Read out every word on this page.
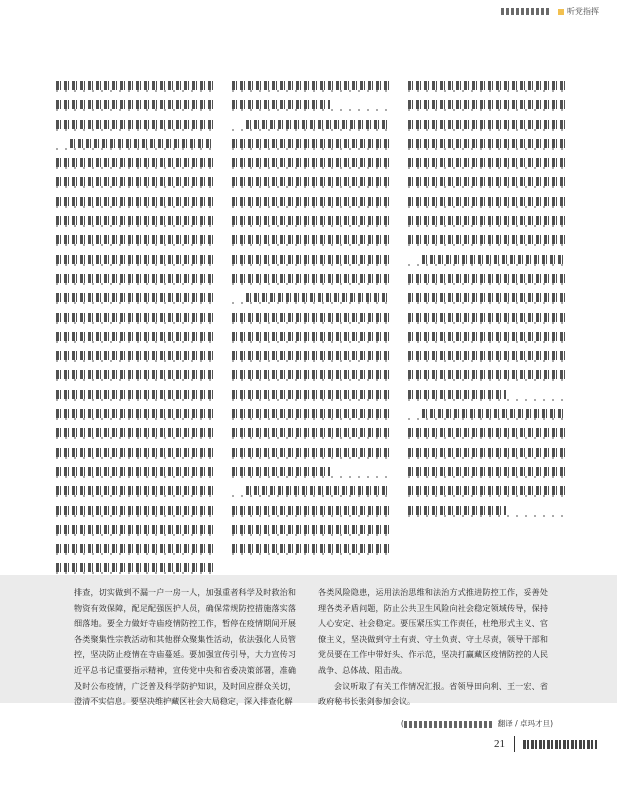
听党指挥

排查，切实做到不漏一户一房一人，加强重者科学及时救治和物资有效保障，配足配强医护人员，确保常规防控措施落实落细落地。要全力做好寺庙疫情防控工作，暂停在疫情期间开展各类聚集性宗教活动和其他群众聚集性活动，依法强化人员管控，坚决防止疫情在寺庙蔓延。要加强宣传引导，大力宣传习近平总书记重要指示精神，宣传党中央和省委决策部署，准确及时公布疫情，广泛普及科学防护知识，及时回应群众关切，澄清不实信息。要坚决维护藏区社会大局稳定，深入排查化解

各类风险隐患，运用法治思维和法治方式推进防控工作，妥善处理各类矛盾问题，防止公共卫生风险向社会稳定领域传导，保持人心安定、社会稳定。要压紧压实工作责任，杜绝形式主义、官僚主义，坚决做到守土有责、守土负责、守土尽责，领导干部和党员要在工作中带好头、作示范，坚决打赢藏区疫情防控的人民战争、总体战、阻击战。

会议听取了有关工作情况汇报。省领导田向利、王一宏、省政府秘书长张剑参加会议。

(	翻译 / 卓玛才旦)
21
